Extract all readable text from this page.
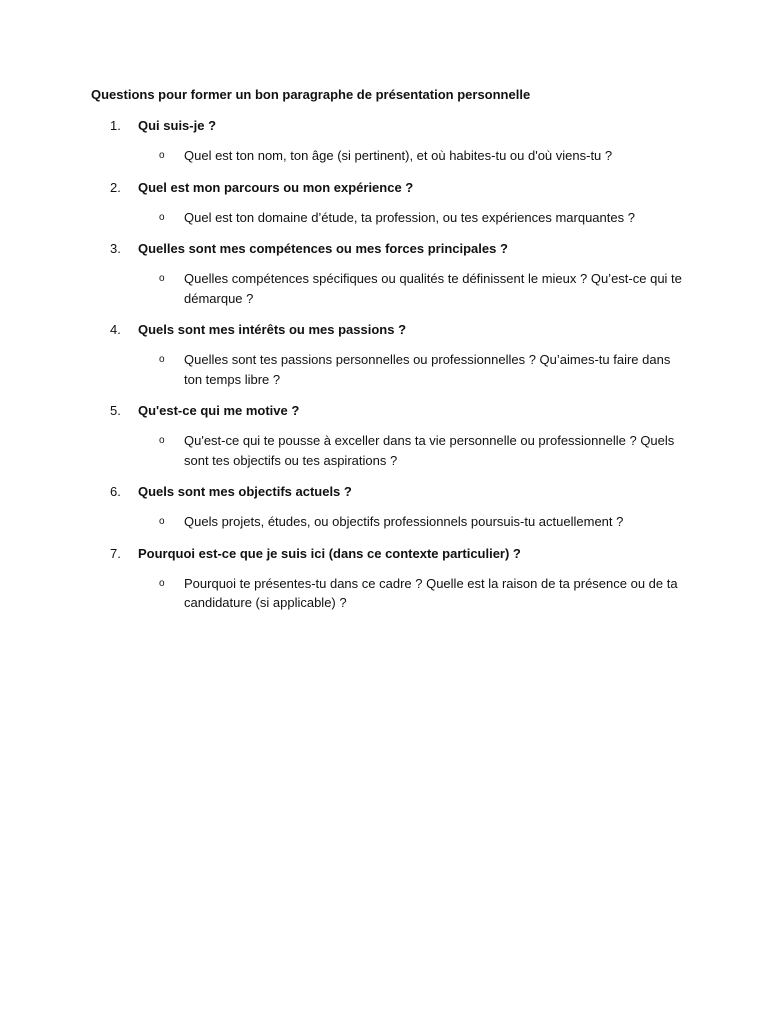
Questions pour former un bon paragraphe de présentation personnelle
1.	Qui suis-je ?
o Quel est ton nom, ton âge (si pertinent), et où habites-tu ou d'où viens-tu ?
2.	Quel est mon parcours ou mon expérience ?
o Quel est ton domaine d’étude, ta profession, ou tes expériences marquantes ?
3.	Quelles sont mes compétences ou mes forces principales ?
o Quelles compétences spécifiques ou qualités te définissent le mieux ? Qu’est-ce qui te démarque ?
4.	Quels sont mes intérêts ou mes passions ?
o Quelles sont tes passions personnelles ou professionnelles ? Qu’aimes-tu faire dans ton temps libre ?
5.	Qu'est-ce qui me motive ?
o Qu'est-ce qui te pousse à exceller dans ta vie personnelle ou professionnelle ? Quels sont tes objectifs ou tes aspirations ?
6.	Quels sont mes objectifs actuels ?
o Quels projets, études, ou objectifs professionnels poursuis-tu actuellement ?
7.	Pourquoi est-ce que je suis ici (dans ce contexte particulier) ?
o Pourquoi te présentes-tu dans ce cadre ? Quelle est la raison de ta présence ou de ta candidature (si applicable) ?
